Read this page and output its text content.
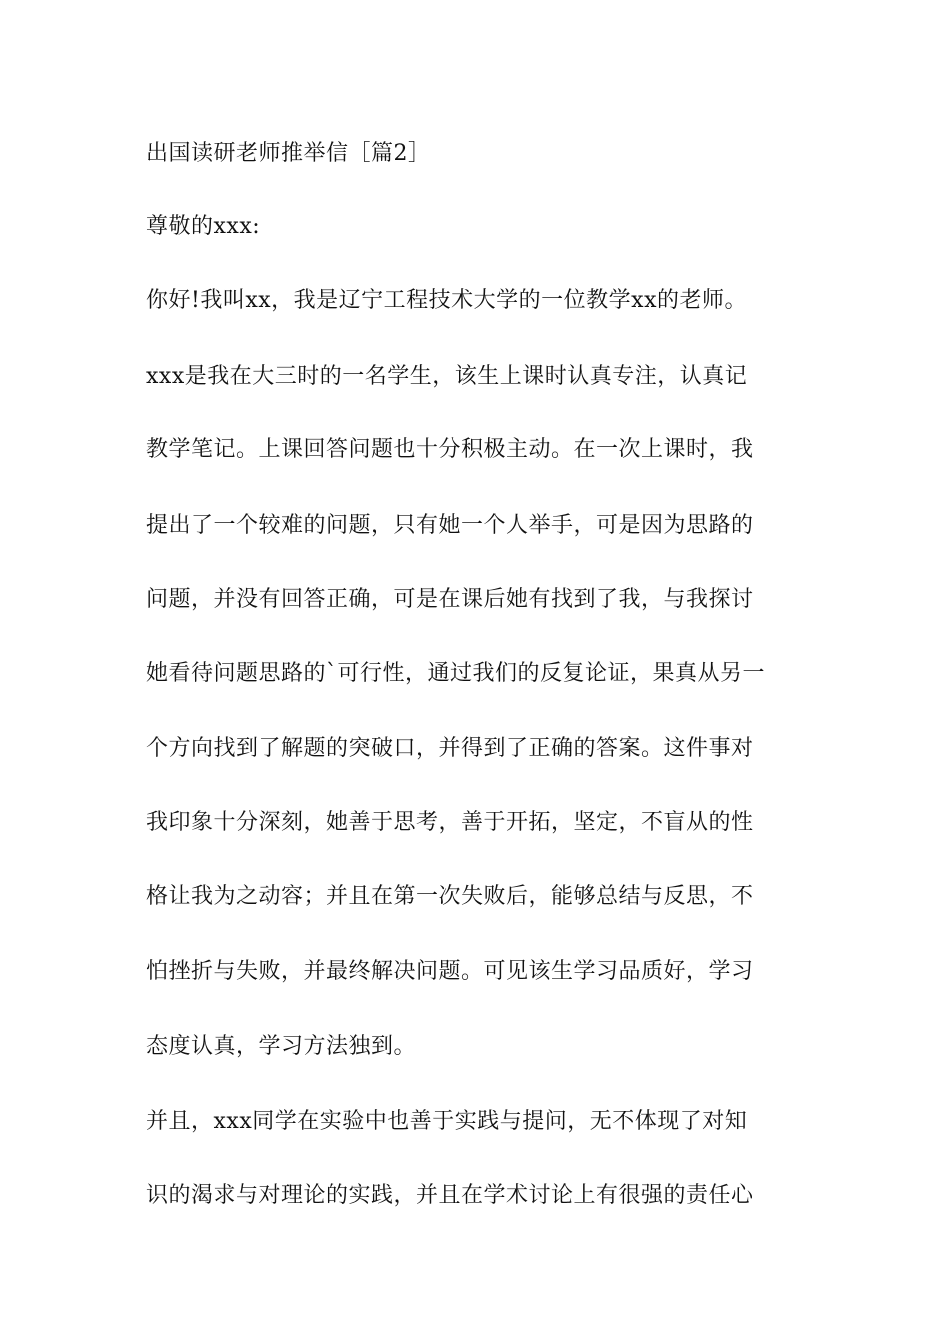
出国读研老师推举信［篇2］
尊敬的xxx:
你好!我叫xx，我是辽宁工程技术大学的一位教学xx的老师。
xxx是我在大三时的一名学生，该生上课时认真专注，认真记
教学笔记。上课回答问题也十分积极主动。在一次上课时，我
提出了一个较难的问题，只有她一个人举手，可是因为思路的
问题，并没有回答正确，可是在课后她有找到了我，与我探讨
她看待问题思路的`可行性，通过我们的反复论证，果真从另一
个方向找到了解题的突破口，并得到了正确的答案。这件事对
我印象十分深刻，她善于思考，善于开拓，坚定，不盲从的性
格让我为之动容；并且在第一次失败后，能够总结与反思，不
怕挫折与失败，并最终解决问题。可见该生学习品质好，学习
态度认真，学习方法独到。
并且，xxx同学在实验中也善于实践与提问，无不体现了对知
识的渴求与对理论的实践，并且在学术讨论上有很强的责任心
